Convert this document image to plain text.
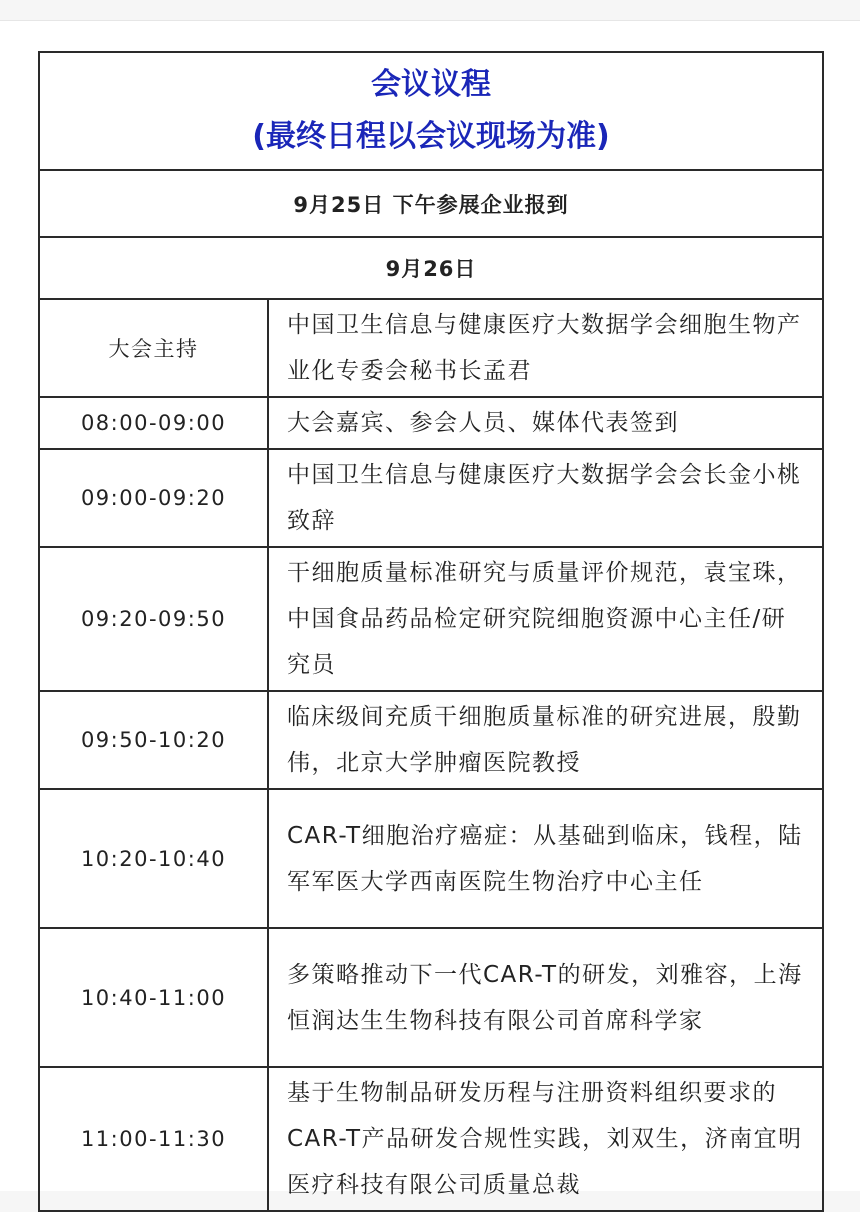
会议议程
(最终日程以会议现场为准)	

9月25日 下午参展企业报到	
9月26日	
大会主持	中国卫生信息与健康医疗大数据学会细胞生物产业化专委会秘书长孟君
08:00-09:00	大会嘉宾、参会人员、媒体代表签到
09:00-09:20	中国卫生信息与健康医疗大数据学会会长金小桃致辞
09:20-09:50	干细胞质量标准研究与质量评价规范，袁宝珠，中国食品药品检定研究院细胞资源中心主任/研究员
09:50-10:20	临床级间充质干细胞质量标准的研究进展，殷勤伟，北京大学肿瘤医院教授
10:20-10:40	CAR-T细胞治疗癌症：从基础到临床，钱程，陆军军医大学西南医院生物治疗中心主任
10:40-11:00	多策略推动下一代CAR-T的研发，刘雅容，上海恒润达生生物科技有限公司首席科学家
11:00-11:30	基于生物制品研发历程与注册资料组织要求的CAR-T产品研发合规性实践，刘双生，济南宜明医疗科技有限公司质量总裁
